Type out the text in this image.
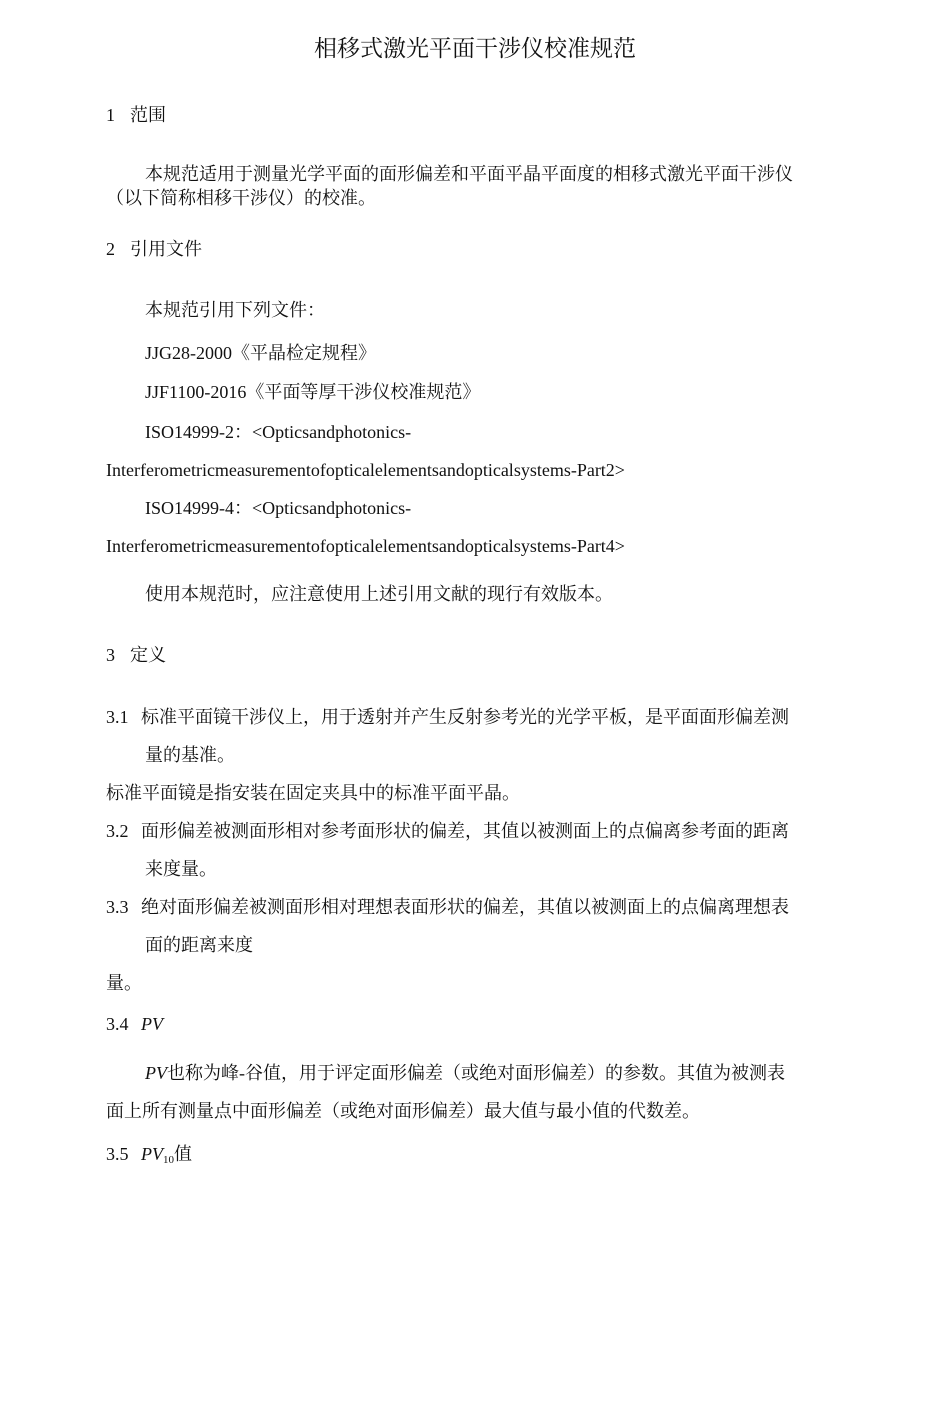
相移式激光平面干涉仪校准规范
1 范围
本规范适用于测量光学平面的面形偏差和平面平晶平面度的相移式激光平面干涉仪
（以下简称相移干涉仪）的校准。
2 引用文件
本规范引用下列文件：
JJG28-2000《平晶检定规程》
JJF1100-2016《平面等厚干涉仪校准规范》
ISO14999-2：<Opticsandphotonics-
Interferometricmeasurementofopticalelementsandopticalsystems-Part2>
ISO14999-4：<Opticsandphotonics-
Interferometricmeasurementofopticalelementsandopticalsystems-Part4>
使用本规范时，应注意使用上述引用文献的现行有效版本。
3 定义
3.1 标准平面镜干涉仪上，用于透射并产生反射参考光的光学平板，是平面面形偏差测
量的基准。
标准平面镜是指安装在固定夹具中的标准平面平晶。
3.2 面形偏差被测面形相对参考面形状的偏差，其值以被测面上的点偏离参考面的距离
来度量。
3.3 绝对面形偏差被测面形相对理想表面形状的偏差，其值以被测面上的点偏离理想表
面的距离来度
量。
3.4 PV
PV也称为峰-谷值，用于评定面形偏差（或绝对面形偏差）的参数。其值为被测表
面上所有测量点中面形偏差（或绝对面形偏差）最大值与最小值的代数差。
3.5 $PV_{10}$值
